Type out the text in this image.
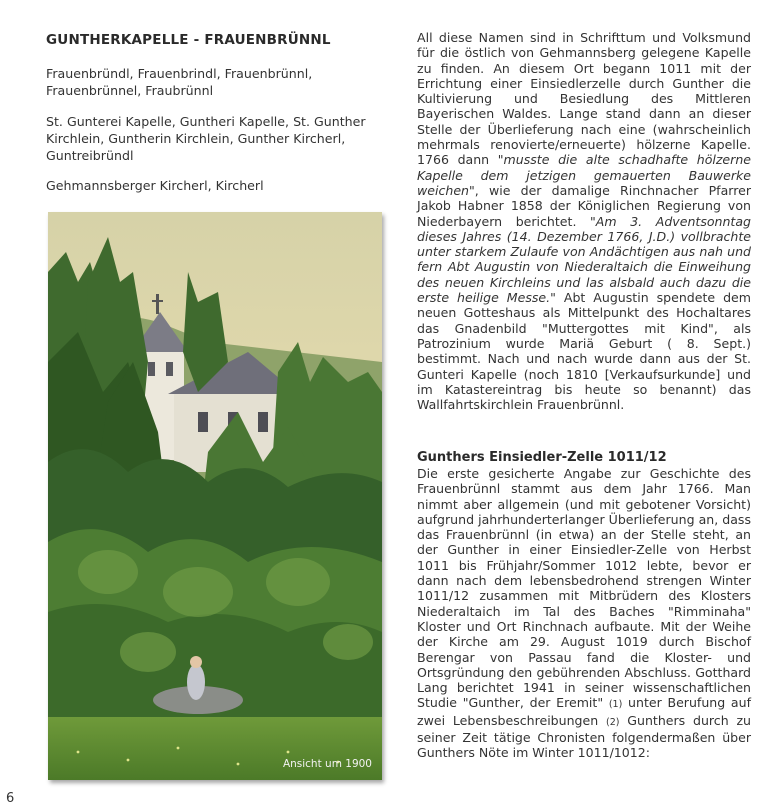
GUNTHERKAPELLE - FRAUENBRÜNNL

Frauenbründl, Frauenbrindl, Frauenbrünnl, Frauenbrünnel, Fraubrünnl

St. Gunterei Kapelle, Guntheri Kapelle, St. Gunther Kirchlein, Guntherin Kirchlein, Gunther Kircherl, Guntreibründl

Gehmannsberger Kircherl, Kircherl

Ansicht um 1900

All diese Namen sind in Schrifttum und Volksmund für die östlich von Gehmannsberg gelegene Kapelle zu finden. An diesem Ort begann 1011 mit der Errichtung einer Einsiedlerzelle durch Gunther die Kultivierung und Besiedlung des Mittleren Bayerischen Waldes. Lange stand dann an dieser Stelle der Überlieferung nach eine (wahrscheinlich mehrmals renovierte/erneuerte) hölzerne Kapelle. 1766 dann "musste die alte schadhafte hölzerne Kapelle dem jetzigen gemauerten Bauwerke weichen", wie der damalige Rinchnacher Pfarrer Jakob Habner 1858 der Königlichen Regierung von Niederbayern berichtet. "Am 3. Adventsonntag dieses Jahres (14. Dezember 1766, J.D.) vollbrachte unter starkem Zulaufe von Andächtigen aus nah und fern Abt Augustin von Niederaltaich die Einweihung des neuen Kirchleins und las alsbald auch dazu die erste heilige Messe." Abt Augustin spendete dem neuen Gotteshaus als Mittelpunkt des Hochaltares das Gnadenbild "Muttergottes mit Kind", als Patrozinium wurde Mariä Geburt ( 8. Sept.) bestimmt. Nach und nach wurde dann aus der St. Gunteri Kapelle (noch 1810 [Verkaufsurkunde] und im Katastereintrag bis heute so benannt) das Wallfahrtskirchlein Frauenbrünnl.

Gunthers Einsiedler-Zelle 1011/12

Die erste gesicherte Angabe zur Geschichte des Frauenbrünnl stammt aus dem Jahr 1766. Man nimmt aber allgemein (und mit gebotener Vorsicht) aufgrund jahrhunderterlanger Überlieferung an, dass das Frauenbrünnl (in etwa) an der Stelle steht, an der Gunther in einer Einsiedler-Zelle von Herbst 1011 bis Frühjahr/Sommer 1012 lebte, bevor er dann nach dem lebensbedrohend strengen Winter 1011/12 zusammen mit Mitbrüdern des Klosters Niederaltaich im Tal des Baches "Rimminaha" Kloster und Ort Rinchnach aufbaute. Mit der Weihe der Kirche am 29. August 1019 durch Bischof Berengar von Passau fand die Kloster- und Ortsgründung den gebührenden Abschluss. Gotthard Lang berichtet 1941 in seiner wissenschaftlichen Studie "Gunther, der Eremit" (1) unter Berufung auf zwei Lebensbeschreibungen (2) Gunthers durch zu seiner Zeit tätige Chronisten folgendermaßen über Gunthers Nöte im Winter 1011/1012:

6
